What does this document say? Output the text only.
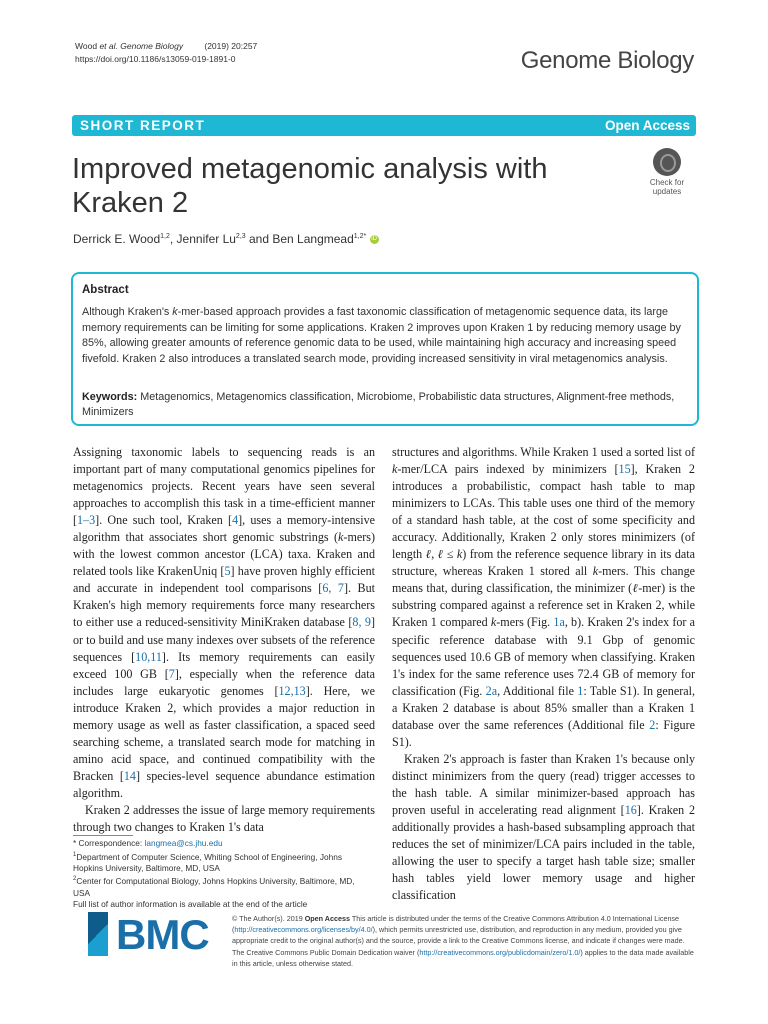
Wood et al. Genome Biology	(2019) 20:257
https://doi.org/10.1186/s13059-019-1891-0	Genome Biology
SHORT REPORT	Open Access
Improved metagenomic analysis with Kraken 2
Check for
updates
Derrick E. Wood$^{1,2}$, Jennifer Lu$^{2,3}$ and Ben Langmead$^{1,2*}$ iD
Abstract
Although Kraken's k-mer-based approach provides a fast taxonomic classification of metagenomic sequence data, its large memory requirements can be limiting for some applications. Kraken 2 improves upon Kraken 1 by reducing memory usage by 85%, allowing greater amounts of reference genomic data to be used, while maintaining high accuracy and increasing speed fivefold. Kraken 2 also introduces a translated search mode, providing increased sensitivity in viral metagenomics analysis.
Keywords: Metagenomics, Metagenomics classification, Microbiome, Probabilistic data structures, Alignment-free methods, Minimizers

Assigning taxonomic labels to sequencing reads is an important part of many computational genomics pipelines for metagenomics projects. Recent years have seen several approaches to accomplish this task in a time-efficient manner [1–3]. One such tool, Kraken [4], uses a memory-intensive algorithm that associates short genomic substrings (k-mers) with the lowest common ancestor (LCA) taxa. Kraken and related tools like KrakenUniq [5] have proven highly efficient and accurate in independent tool comparisons [6, 7]. But Kraken's high memory requirements force many researchers to either use a reduced-sensitivity MiniKraken database [8, 9] or to build and use many indexes over subsets of the reference sequences [10,11]. Its memory requirements can easily exceed 100 GB [7], especially when the reference data includes large eukaryotic genomes [12,13]. Here, we introduce Kraken 2, which provides a major reduction in memory usage as well as faster classification, a spaced seed searching scheme, a translated search mode for matching in amino acid space, and continued compatibility with the Bracken [14] species-level sequence abundance estimation algorithm.

Kraken 2 addresses the issue of large memory requirements through two changes to Kraken 1's data

structures and algorithms. While Kraken 1 used a sorted list of k-mer/LCA pairs indexed by minimizers [15], Kraken 2 introduces a probabilistic, compact hash table to map minimizers to LCAs. This table uses one third of the memory of a standard hash table, at the cost of some specificity and accuracy. Additionally, Kraken 2 only stores minimizers (of length ℓ, ℓ ≤ k) from the reference sequence library in its data structure, whereas Kraken 1 stored all k-mers. This change means that, during classification, the minimizer (ℓ-mer) is the substring compared against a reference set in Kraken 2, while Kraken 1 compared k-mers (Fig. 1a, b). Kraken 2's index for a specific reference database with 9.1 Gbp of genomic sequences used 10.6 GB of memory when classifying. Kraken 1's index for the same reference uses 72.4 GB of memory for classification (Fig. 2a, Additional file 1: Table S1). In general, a Kraken 2 database is about 85% smaller than a Kraken 1 database over the same references (Additional file 2: Figure S1).

Kraken 2's approach is faster than Kraken 1's because only distinct minimizers from the query (read) trigger accesses to the hash table. A similar minimizer-based approach has proven useful in accelerating read alignment [16]. Kraken 2 additionally provides a hash-based subsampling approach that reduces the set of minimizer/LCA pairs included in the table, allowing the user to specify a target hash table size; smaller hash tables yield lower memory usage and higher classification

* Correspondence: langmea@cs.jhu.edu

$^1$Department of Computer Science, Whiting School of Engineering, Johns Hopkins University, Baltimore, MD, USA

$^2$Center for Computational Biology, Johns Hopkins University, Baltimore, MD, USA

Full list of author information is available at the end of the article

BMC	© The Author(s). 2019 Open Access This article is distributed under the terms of the Creative Commons Attribution 4.0 International License (http://creativecommons.org/licenses/by/4.0/), which permits unrestricted use, distribution, and reproduction in any medium, provided you give appropriate credit to the original author(s) and the source, provide a link to the Creative Commons license, and indicate if changes were made. The Creative Commons Public Domain Dedication waiver (http://creativecommons.org/publicdomain/zero/1.0/) applies to the data made available in this article, unless otherwise stated.
